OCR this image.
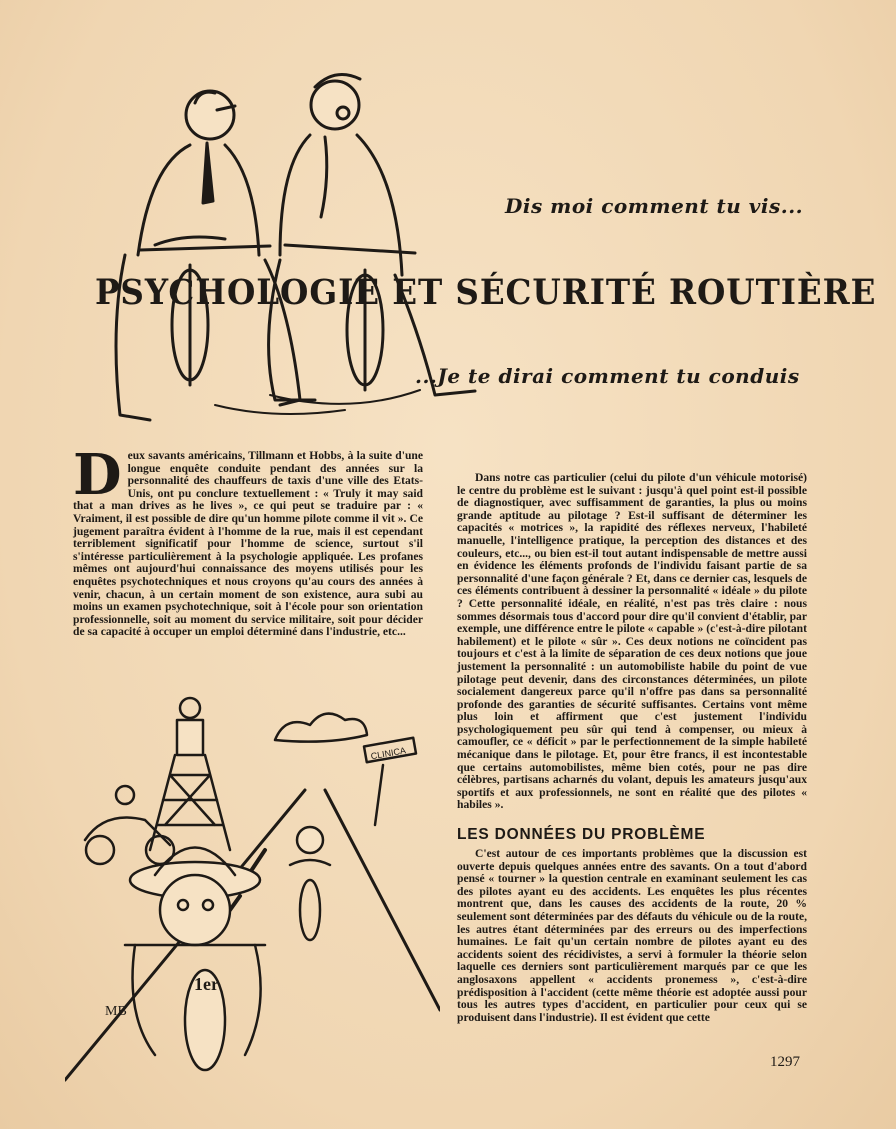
Dis moi comment tu vis...
PSYCHOLOGIE ET SÉCURITÉ ROUTIÈRE
...Je te dirai comment tu conduis

Deux savants américains, Tillmann et Hobbs, à la suite d'une longue enquête conduite pendant des années sur la personnalité des chauffeurs de taxis d'une ville des Etats-Unis, ont pu conclure textuellement : « Truly it may said that a man drives as he lives », ce qui peut se traduire par : « Vraiment, il est possible de dire qu'un homme pilote comme il vit ». Ce jugement paraîtra évident à l'homme de la rue, mais il est cependant terriblement significatif pour l'homme de science, surtout s'il s'intéresse particulièrement à la psychologie appliquée. Les profanes mêmes ont aujourd'hui connaissance des moyens utilisés pour les enquêtes psychotechniques et nous croyons qu'au cours des années à venir, chacun, à un certain moment de son existence, aura subi au moins un examen psychotechnique, soit à l'école pour son orientation professionnelle, soit au moment du service militaire, soit pour décider de sa capacité à occuper un emploi déterminé dans l'industrie, etc...

Dans notre cas particulier (celui du pilote d'un véhicule motorisé) le centre du problème est le suivant : jusqu'à quel point est-il possible de diagnostiquer, avec suffisamment de garanties, la plus ou moins grande aptitude au pilotage ? Est-il suffisant de déterminer les capacités « motrices », la rapidité des réflexes nerveux, l'habileté manuelle, l'intelligence pratique, la perception des distances et des couleurs, etc..., ou bien est-il tout autant indispensable de mettre aussi en évidence les éléments profonds de l'individu faisant partie de sa personnalité d'une façon générale ? Et, dans ce dernier cas, lesquels de ces éléments contribuent à dessiner la personnalité « idéale » du pilote ? Cette personnalité idéale, en réalité, n'est pas très claire : nous sommes désormais tous d'accord pour dire qu'il convient d'établir, par exemple, une différence entre le pilote « capable » (c'est-à-dire pilotant habilement) et le pilote « sûr ». Ces deux notions ne coïncident pas toujours et c'est à la limite de séparation de ces deux notions que joue justement la personnalité : un automobiliste habile du point de vue pilotage peut devenir, dans des circonstances déterminées, un pilote socialement dangereux parce qu'il n'offre pas dans sa personnalité profonde des garanties de sécurité suffisantes. Certains vont même plus loin et affirment que c'est justement l'individu psychologiquement peu sûr qui tend à compenser, ou mieux à camoufler, ce « déficit » par le perfectionnement de la simple habileté mécanique dans le pilotage. Et, pour être francs, il est incontestable que certains automobilistes, même bien cotés, pour ne pas dire célèbres, partisans acharnés du volant, depuis les amateurs jusqu'aux sportifs et aux professionnels, ne sont en réalité que des pilotes « habiles ».

LES DONNÉES DU PROBLÈME

C'est autour de ces importants problèmes que la discussion est ouverte depuis quelques années entre des savants. On a tout d'abord pensé « tourner » la question centrale en examinant seulement les cas des pilotes ayant eu des accidents. Les enquêtes les plus récentes montrent que, dans les causes des accidents de la route, 20 % seulement sont déterminées par des défauts du véhicule ou de la route, les autres étant déterminées par des erreurs ou des imperfections humaines. Le fait qu'un certain nombre de pilotes ayant eu des accidents soient des récidivistes, a servi à formuler la théorie selon laquelle ces derniers sont particulièrement marqués par ce que les anglosaxons appellent « accidents pronemess », c'est-à-dire prédisposition à l'accident (cette même théorie est adoptée aussi pour tous les autres types d'accident, en particulier pour ceux qui se produisent dans l'industrie). Il est évident que cette

CLINICA
1er
MB
1297
